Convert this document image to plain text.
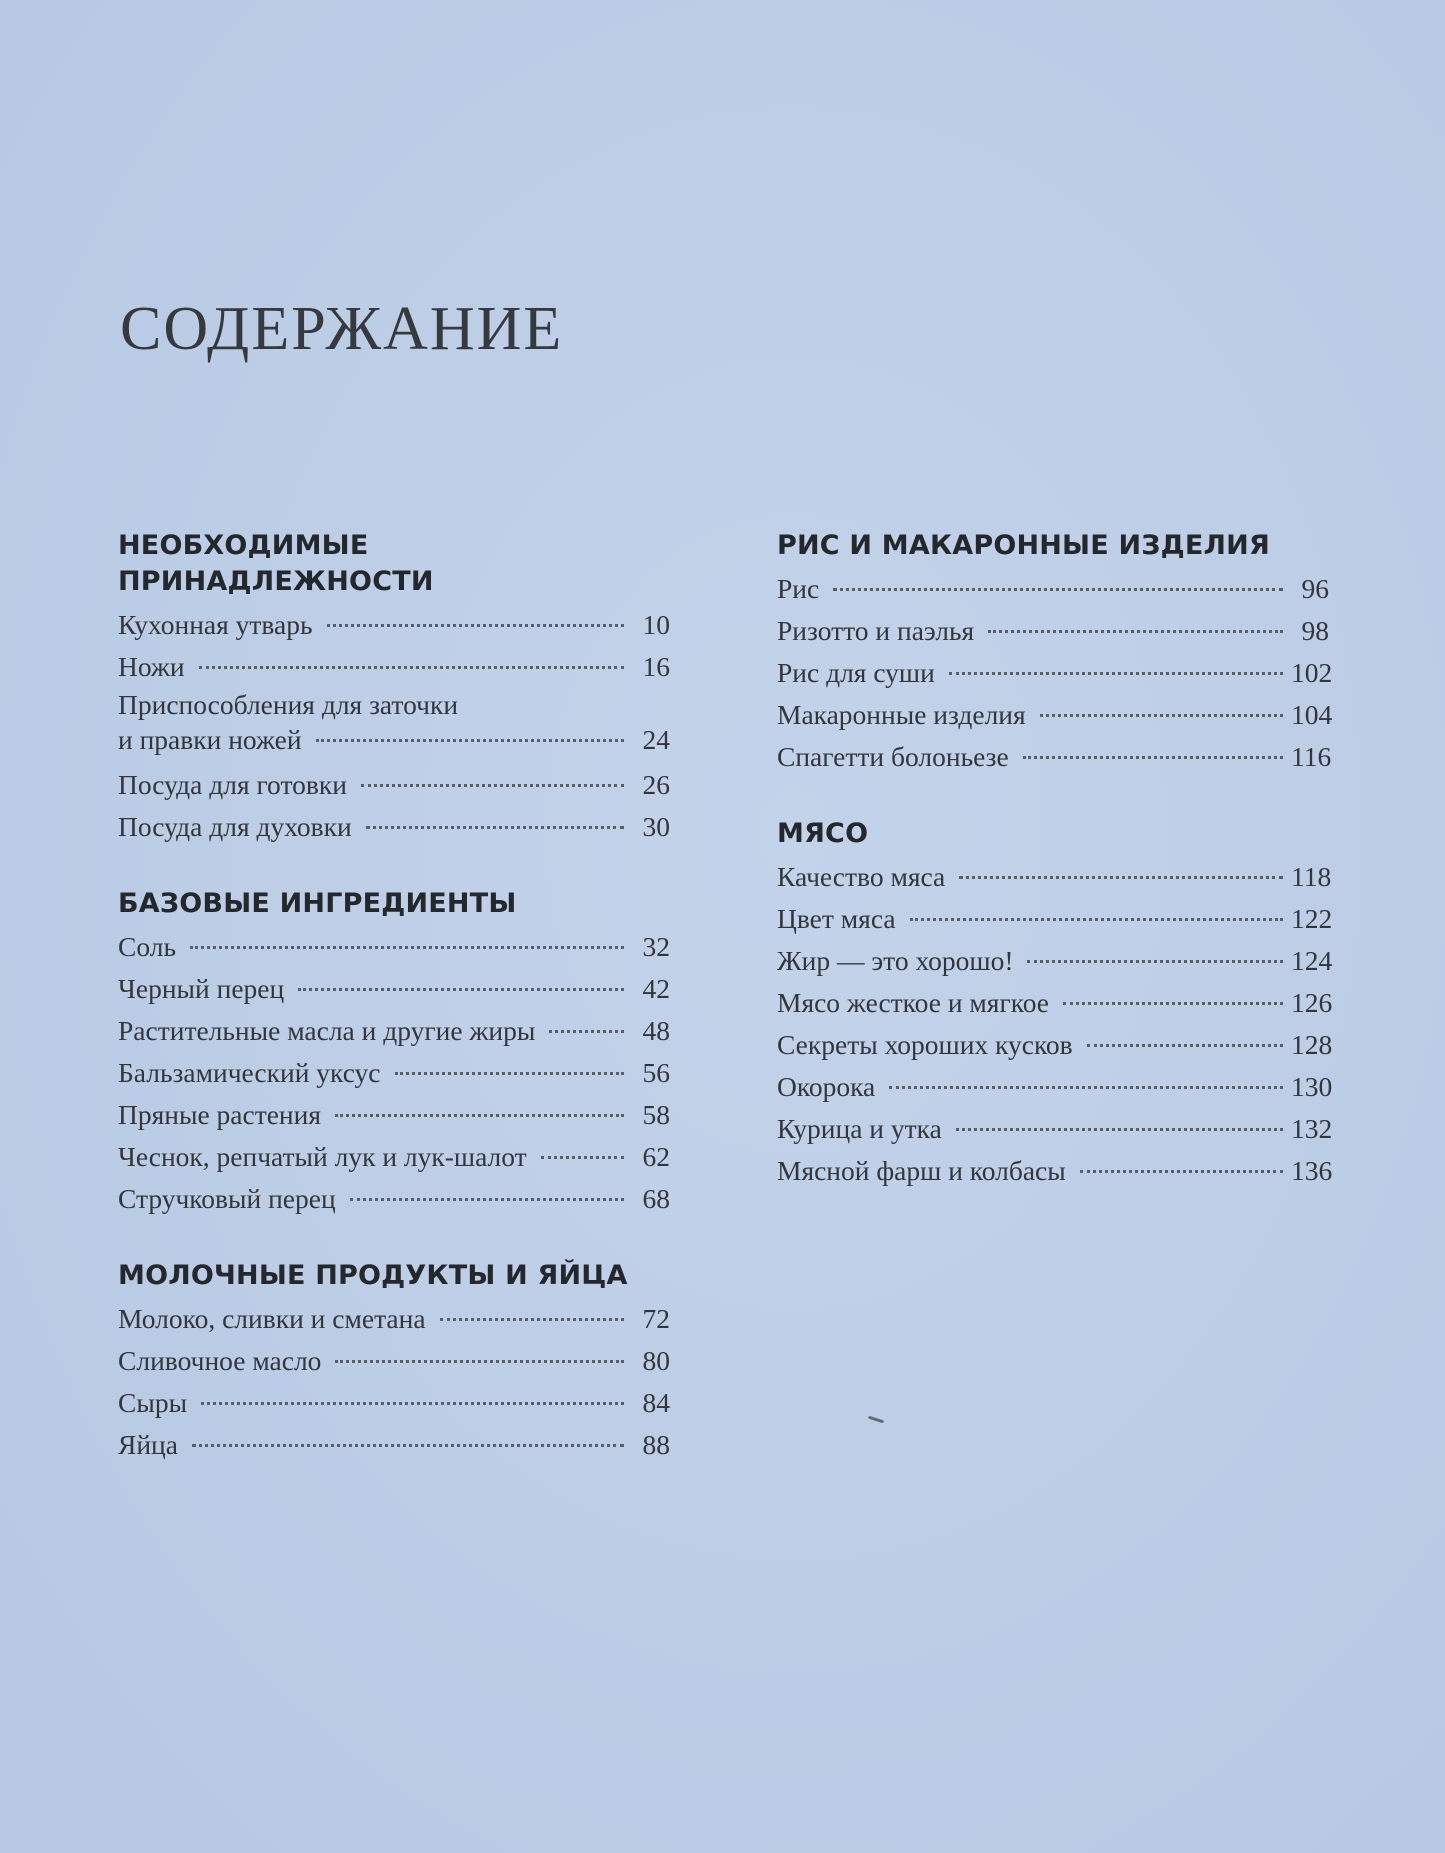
СОДЕРЖАНИЕ
НЕОБХОДИМЫЕ ПРИНАДЛЕЖНОСТИ
Кухонная утварь	10
Ножи	16
Приспособления для заточки
и правки ножей	24
Посуда для готовки	26
Посуда для духовки	30
БАЗОВЫЕ ИНГРЕДИЕНТЫ
Соль	32
Черный перец	42
Растительные масла и другие жиры	48
Бальзамический уксус	56
Пряные растения	58
Чеснок, репчатый лук и лук-шалот	62
Стручковый перец	68
МОЛОЧНЫЕ ПРОДУКТЫ И ЯЙЦА
Молоко, сливки и сметана	72
Сливочное масло	80
Сыры	84
Яйца	88
РИС И МАКАРОННЫЕ ИЗДЕЛИЯ
Рис	96
Ризотто и паэлья	98
Рис для суши	102
Макаронные изделия	104
Спагетти болоньезе	116
МЯСО
Качество мяса	118
Цвет мяса	122
Жир — это хорошо!	124
Мясо жесткое и мягкое	126
Секреты хороших кусков	128
Окорока	130
Курица и утка	132
Мясной фарш и колбасы	136
